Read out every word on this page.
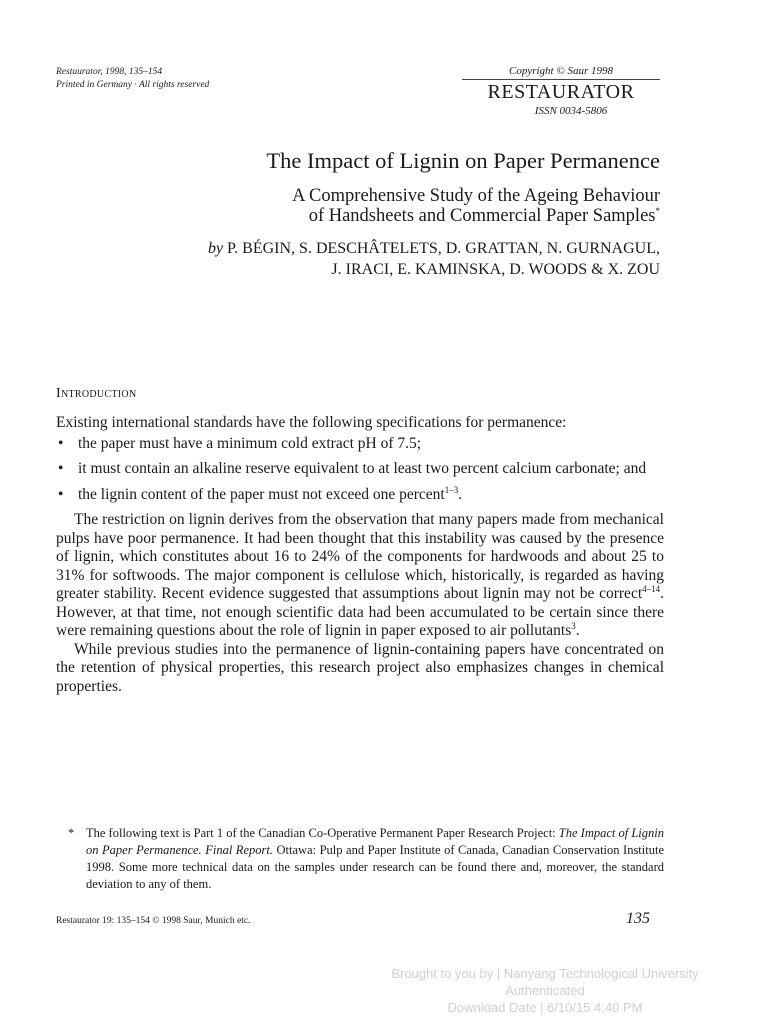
Restaurator, 1998, 135–154
Printed in Germany · All rights reserved
Copyright © Saur 1998
RESTAURATOR
ISSN 0034-5806
The Impact of Lignin on Paper Permanence
A Comprehensive Study of the Ageing Behaviour
of Handsheets and Commercial Paper Samples*
by P. BÉGIN, S. DESCHÂTELETS, D. GRATTAN, N. GURNAGUL,
J. IRACI, E. KAMINSKA, D. WOODS & X. ZOU
Introduction

Existing international standards have the following specifications for permanence:

• the paper must have a minimum cold extract pH of 7.5;
• it must contain an alkaline reserve equivalent to at least two percent calcium carbonate; and
• the lignin content of the paper must not exceed one percent$^{1-3}$.

The restriction on lignin derives from the observation that many papers made from mechanical pulps have poor permanence. It had been thought that this instability was caused by the presence of lignin, which constitutes about 16 to 24% of the components for hardwoods and about 25 to 31% for softwoods. The major component is cellulose which, historically, is regarded as having greater stability. Recent evidence suggested that assumptions about lignin may not be correct$^{4-14}$. However, at that time, not enough scientific data had been accumulated to be certain since there were remaining questions about the role of lignin in paper exposed to air pollutants$^3$.

While previous studies into the permanence of lignin-containing papers have concentrated on the retention of physical properties, this research project also emphasizes changes in chemical properties.

* The following text is Part 1 of the Canadian Co-Operative Permanent Paper Research Project: The Impact of Lignin on Paper Permanence. Final Report. Ottawa: Pulp and Paper Institute of Canada, Canadian Conservation Institute 1998. Some more technical data on the samples under research can be found there and, moreover, the standard deviation to any of them.
Restaurator 19: 135–154 © 1998 Saur, Munich etc.	135
Brought to you by | Nanyang Technological University
Authenticated
Download Date | 6/10/15 4:40 PM
